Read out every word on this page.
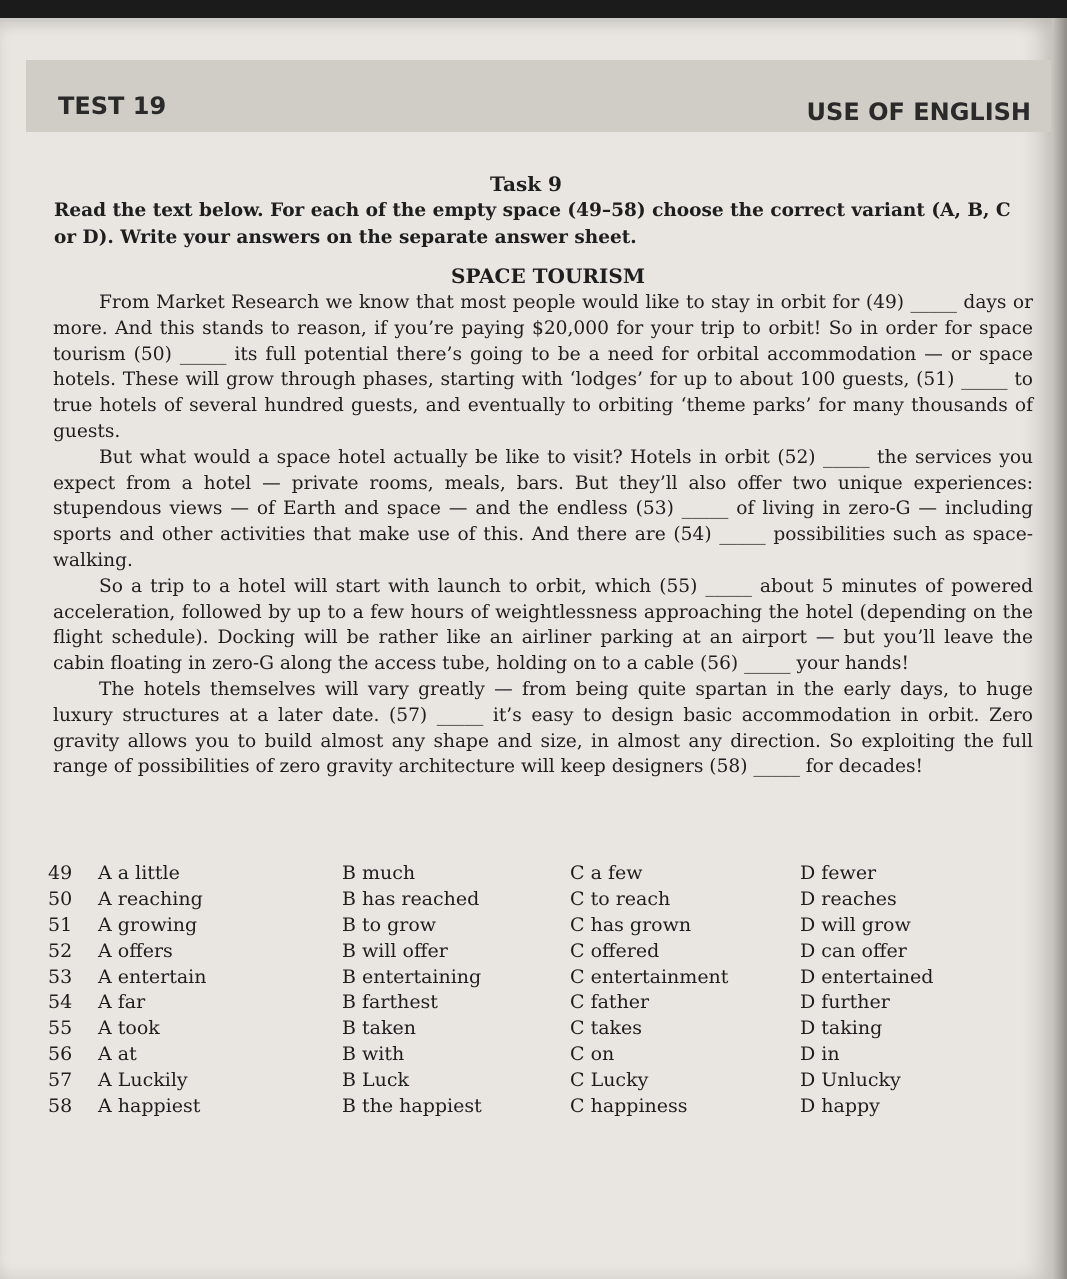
TEST 19	USE OF ENGLISH
Task 9
Read the text below. For each of the empty space (49–58) choose the correct variant (A, B, C or D). Write your answers on the separate answer sheet.
SPACE TOURISM

From Market Research we know that most people would like to stay in orbit for (49) _____ days or more. And this stands to reason, if you’re paying $20,000 for your trip to orbit! So in order for space tourism (50) _____ its full potential there’s going to be a need for orbital accommodation — or space hotels. These will grow through phases, starting with ‘lodges’ for up to about 100 guests, (51) _____ to true hotels of several hundred guests, and eventually to orbiting ‘theme parks’ for many thousands of guests.

But what would a space hotel actually be like to visit? Hotels in orbit (52) _____ the services you expect from a hotel — private rooms, meals, bars. But they’ll also offer two unique experiences: stupendous views — of Earth and space — and the endless (53) _____ of living in zero-G — including sports and other activities that make use of this. And there are (54) _____ possibilities such as space-walking.

So a trip to a hotel will start with launch to orbit, which (55) _____ about 5 minutes of powered acceleration, followed by up to a few hours of weightlessness approaching the hotel (depending on the flight schedule). Docking will be rather like an airliner parking at an airport — but you’ll leave the cabin floating in zero-G along the access tube, holding on to a cable (56) _____ your hands!

The hotels themselves will vary greatly — from being quite spartan in the early days, to huge luxury structures at a later date. (57) _____ it’s easy to design basic accommodation in orbit. Zero gravity allows you to build almost any shape and size, in almost any direction. So exploiting the full range of possibilities of zero gravity architecture will keep designers (58) _____ for decades!

49	A a little	B much	C a few	D fewer
50	A reaching	B has reached	C to reach	D reaches
51	A growing	B to grow	C has grown	D will grow
52	A offers	B will offer	C offered	D can offer
53	A entertain	B entertaining	C entertainment	D entertained
54	A far	B farthest	C father	D further
55	A took	B taken	C takes	D taking
56	A at	B with	C on	D in
57	A Luckily	B Luck	C Lucky	D Unlucky
58	A happiest	B the happiest	C happiness	D happy
